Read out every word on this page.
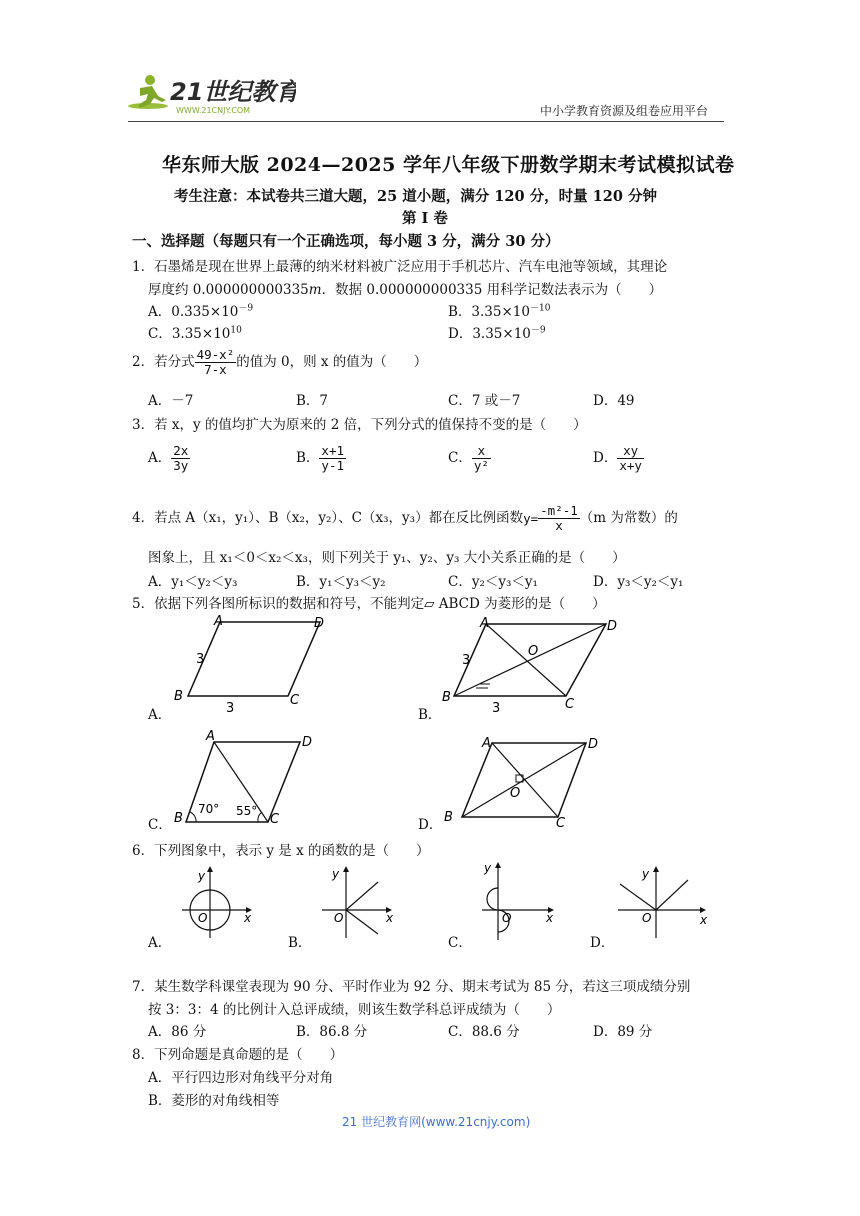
21世纪教育
WWW.21CNJY.COM	中小学教育资源及组卷应用平台
华东师大版 2024—2025 学年八年级下册数学期末考试模拟试卷
考生注意：本试卷共三道大题，25 道小题，满分 120 分，时量 120 分钟
第 I 卷
一、选择题（每题只有一个正确选项，每小题 3 分，满分 30 分）
1．石墨烯是现在世界上最薄的纳米材料被广泛应用于手机芯片、汽车电池等领域，其理论
厚度约 0.000000000335m．数据 0.000000000335 用科学记数法表示为（　　）
A．$0.335\times 10^{-9}$	B．$3.35\times 10^{-10}$
C．$3.35\times 10^{10}$	D．$3.35\times 10^{-9}$
2．若分式 $\frac{\text{49-x²}}{7-x}$ 的值为 0，则 x 的值为（　　）
A．－7	B．7	C．7 或－7	D．49
3．若 x，y 的值均扩大为原来的 2 倍，下列分式的值保持不变的是（　　）
A． $\frac{2x}{3y}$	B． $\frac{x+1}{y-1}$	C． $\frac{x}{\text{y²}}$	D． $\frac{xy}{x+y}$
4．若点 A（x₁，y₁）、B（x₂，y₂）、C（x₃，y₃）都在反比例函数$y= \frac{\text{-m²-1}}{x} (m$ 为常数）的
图象上，且 x₁＜0＜x₂＜x₃，则下列关于 y₁、y₂、y₃ 大小关系正确的是（　　）
A．y₁＜y₂＜y₃	B．y₁＜y₃＜y₂	C．y₂＜y₃＜y₁	D．y₃＜y₂＜y₁
5．依据下列各图所标识的数据和符号，不能判定▱ ABCD 为菱形的是（　　）
A．
A	D
B	C
3
3	B．
A	D
B	C
O
3
3
C．
A	D
B	C
70° 55°
D．
A	D
B	C
O
6．下列图象中，表示 y 是 x 的函数的是（　　）
A．
y
O	x
B．
y
O	x
C．
y
O	x
D．
y
O	x
7．某生数学科课堂表现为 90 分、平时作业为 92 分、期末考试为 85 分，若这三项成绩分别
按 3：3：4 的比例计入总评成绩，则该生数学科总评成绩为（　　）
A．86 分	B．86.8 分	C．88.6 分	D．89 分
8．下列命题是真命题的是（　　）
A．平行四边形对角线平分对角
B．菱形的对角线相等
21 世纪教育网(www.21cnjy.com)
